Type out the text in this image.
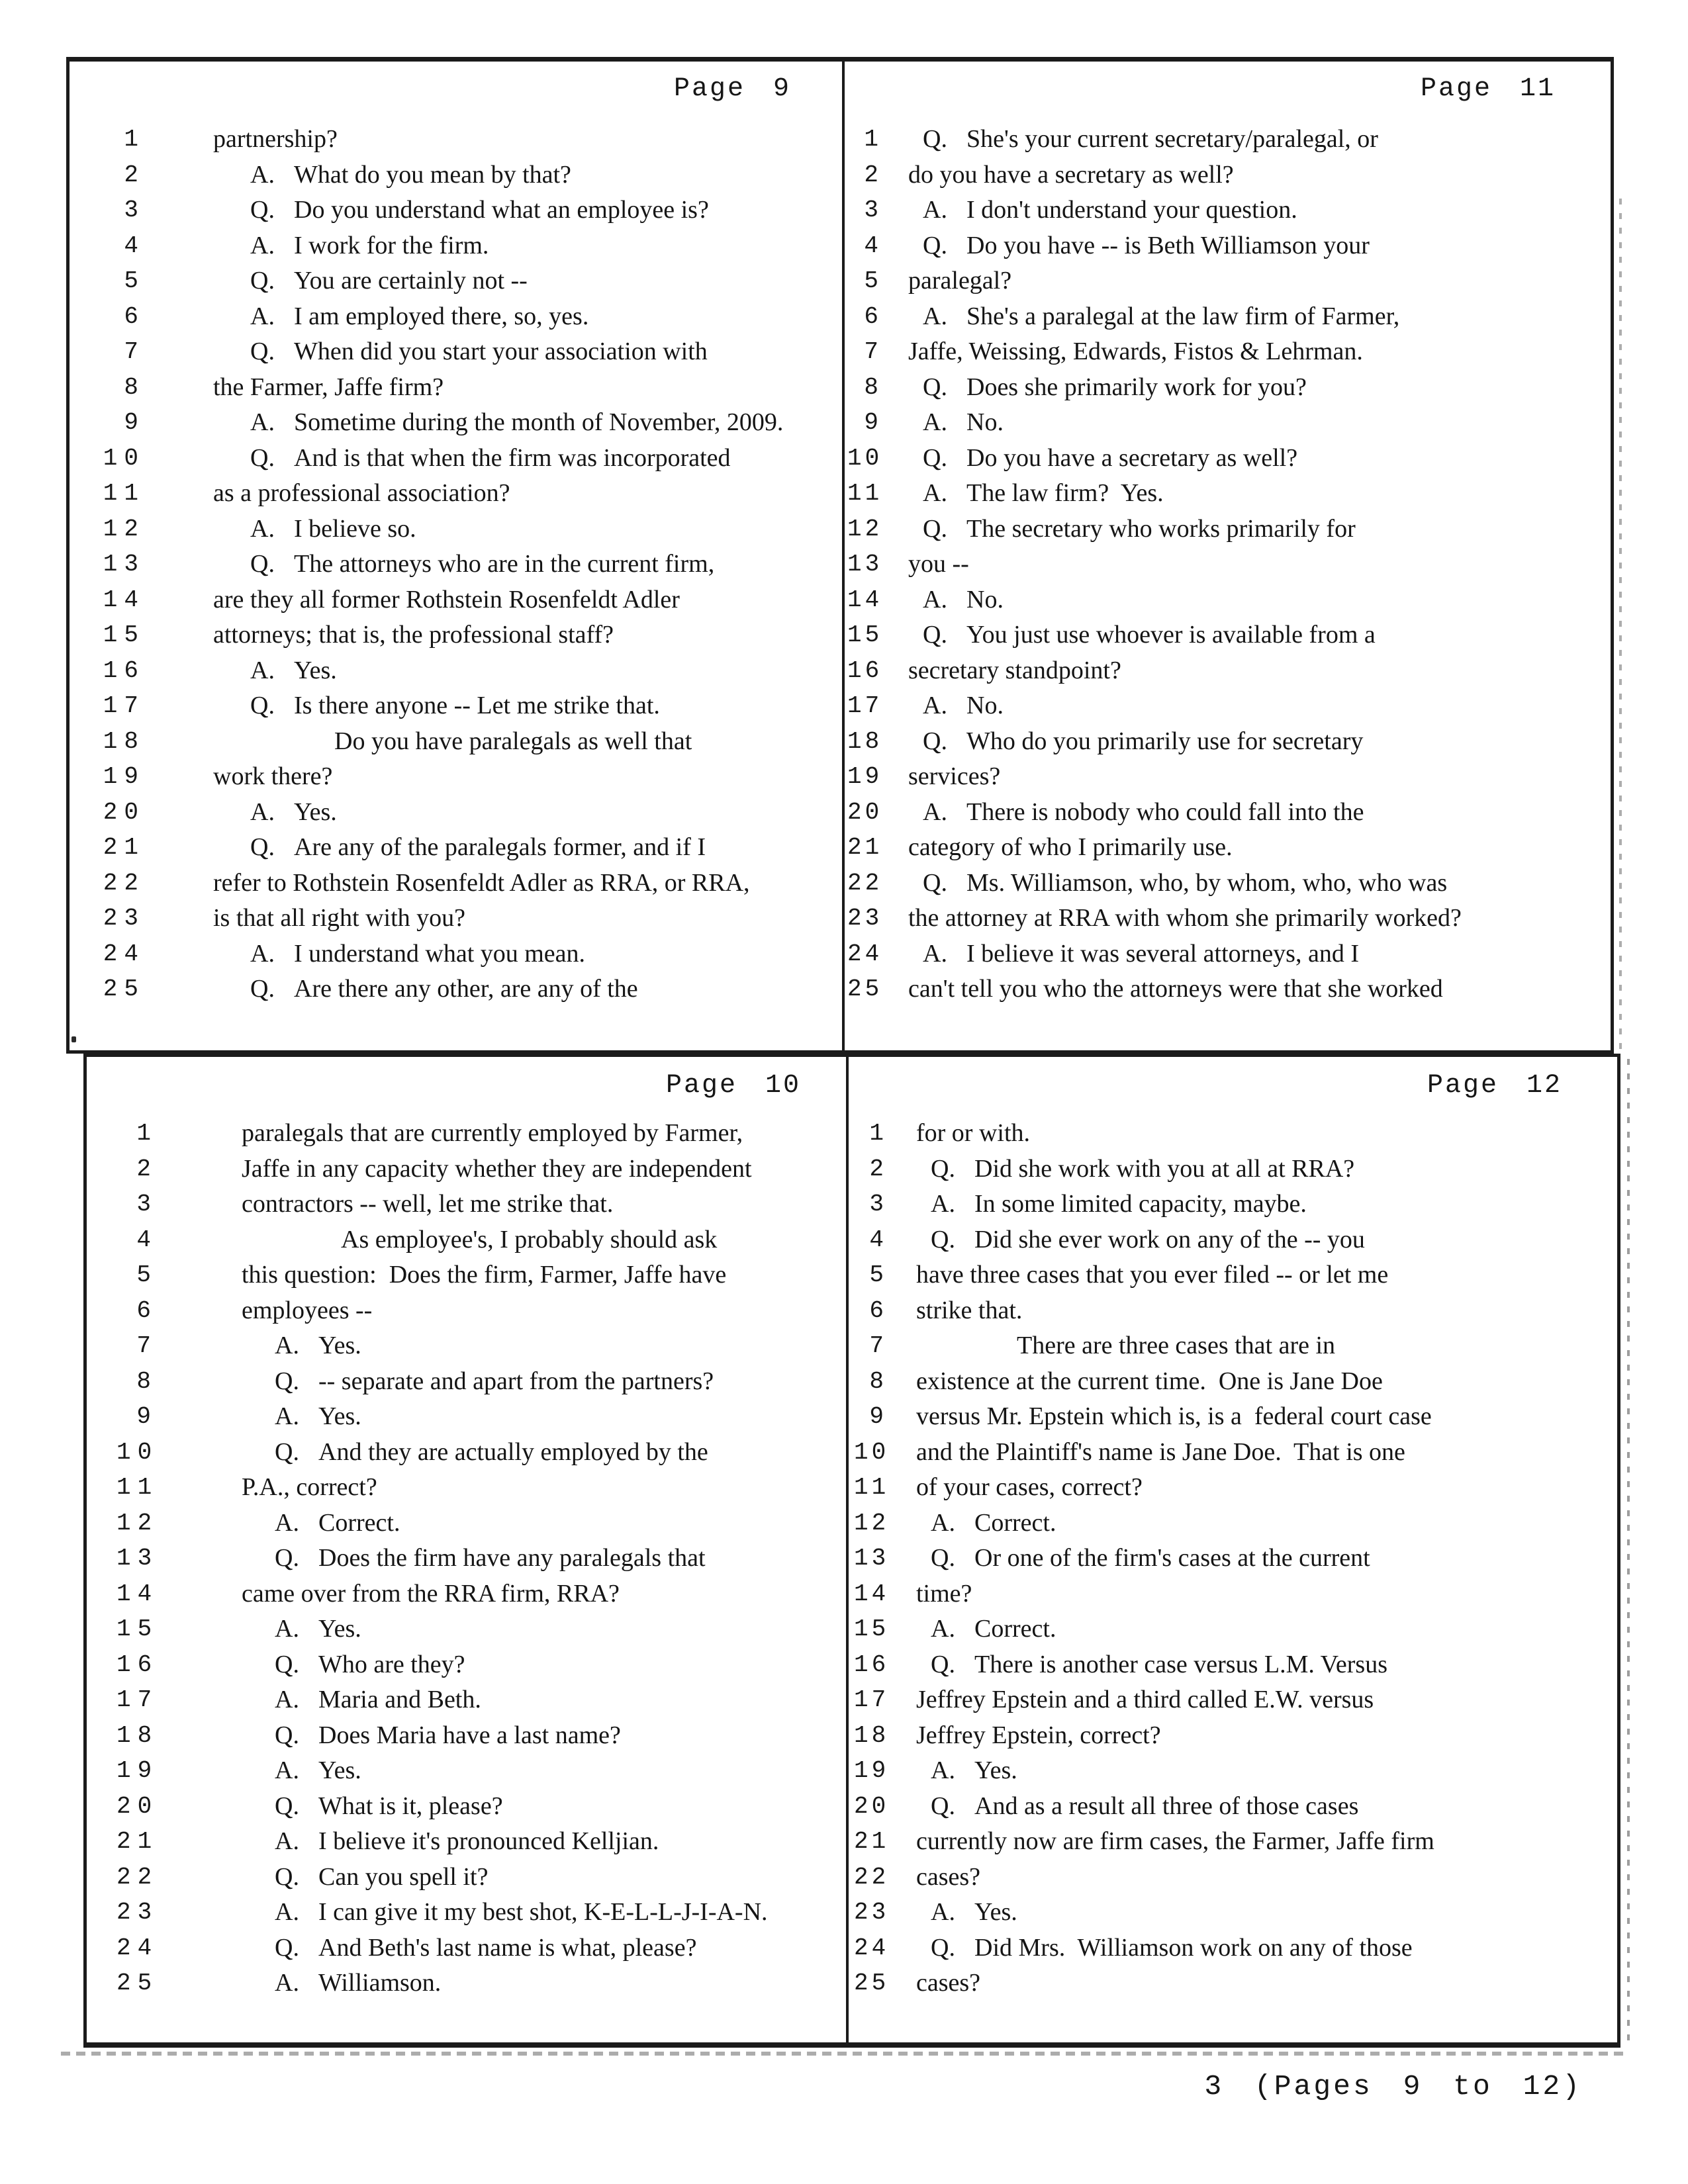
Page 9
1	partnership?
2	A. What do you mean by that?
3	Q. Do you understand what an employee is?
4	A. I work for the firm.
5	Q. You are certainly not --
6	A. I am employed there, so, yes.
7	Q. When did you start your association with
8	the Farmer, Jaffe firm?
9	A. Sometime during the month of November, 2009.
10	Q. And is that when the firm was incorporated
11	as a professional association?
12	A. I believe so.
13	Q. The attorneys who are in the current firm,
14	are they all former Rothstein Rosenfeldt Adler
15	attorneys; that is, the professional staff?
16	A. Yes.
17	Q. Is there anyone -- Let me strike that.
18	Do you have paralegals as well that
19	work there?
20	A. Yes.
21	Q. Are any of the paralegals former, and if I
22	refer to Rothstein Rosenfeldt Adler as RRA, or RRA,
23	is that all right with you?
24	A. I understand what you mean.
25	Q. Are there any other, are any of the
Page 11
1 Q. She's your current secretary/paralegal, or
2 do you have a secretary as well?
3 A. I don't understand your question.
4 Q. Do you have -- is Beth Williamson your
5 paralegal?
6 A. She's a paralegal at the law firm of Farmer,
7 Jaffe, Weissing, Edwards, Fistos & Lehrman.
8 Q. Does she primarily work for you?
9 A. No.
10 Q. Do you have a secretary as well?
11 A. The law firm?  Yes.
12 Q. The secretary who works primarily for
13 you --
14 A. No.
15 Q. You just use whoever is available from a
16 secretary standpoint?
17 A. No.
18 Q. Who do you primarily use for secretary
19 services?
20 A. There is nobody who could fall into the
21 category of who I primarily use.
22 Q. Ms. Williamson, who, by whom, who, who was
23 the attorney at RRA with whom she primarily worked?
24 A. I believe it was several attorneys, and I
25 can't tell you who the attorneys were that she worked
Page 10
1	paralegals that are currently employed by Farmer,
2	Jaffe in any capacity whether they are independent
3	contractors -- well, let me strike that.
4	As employee's, I probably should ask
5	this question:  Does the firm, Farmer, Jaffe have
6	employees --
7	A. Yes.
8	Q. -- separate and apart from the partners?
9	A. Yes.
10	Q. And they are actually employed by the
11	P.A., correct?
12	A. Correct.
13	Q. Does the firm have any paralegals that
14	came over from the RRA firm, RRA?
15	A. Yes.
16	Q. Who are they?
17	A. Maria and Beth.
18	Q. Does Maria have a last name?
19	A. Yes.
20	Q. What is it, please?
21	A. I believe it's pronounced Kelljian.
22	Q. Can you spell it?
23	A. I can give it my best shot, K-E-L-L-J-I-A-N.
24	Q. And Beth's last name is what, please?
25	A. Williamson.
Page 12
1 for or with.
2 Q. Did she work with you at all at RRA?
3 A. In some limited capacity, maybe.
4 Q. Did she ever work on any of the -- you
5 have three cases that you ever filed -- or let me
6 strike that.
7	There are three cases that are in
8 existence at the current time.  One is Jane Doe
9 versus Mr. Epstein which is, is a  federal court case
10 and the Plaintiff's name is Jane Doe.  That is one
11 of your cases, correct?
12 A. Correct.
13 Q. Or one of the firm's cases at the current
14 time?
15 A. Correct.
16 Q. There is another case versus L.M. Versus
17 Jeffrey Epstein and a third called E.W. versus
18 Jeffrey Epstein, correct?
19 A. Yes.
20 Q. And as a result all three of those cases
21 currently now are firm cases, the Farmer, Jaffe firm
22 cases?
23 A. Yes.
24 Q. Did Mrs.  Williamson work on any of those
25 cases?
3 (Pages 9 to 12)
